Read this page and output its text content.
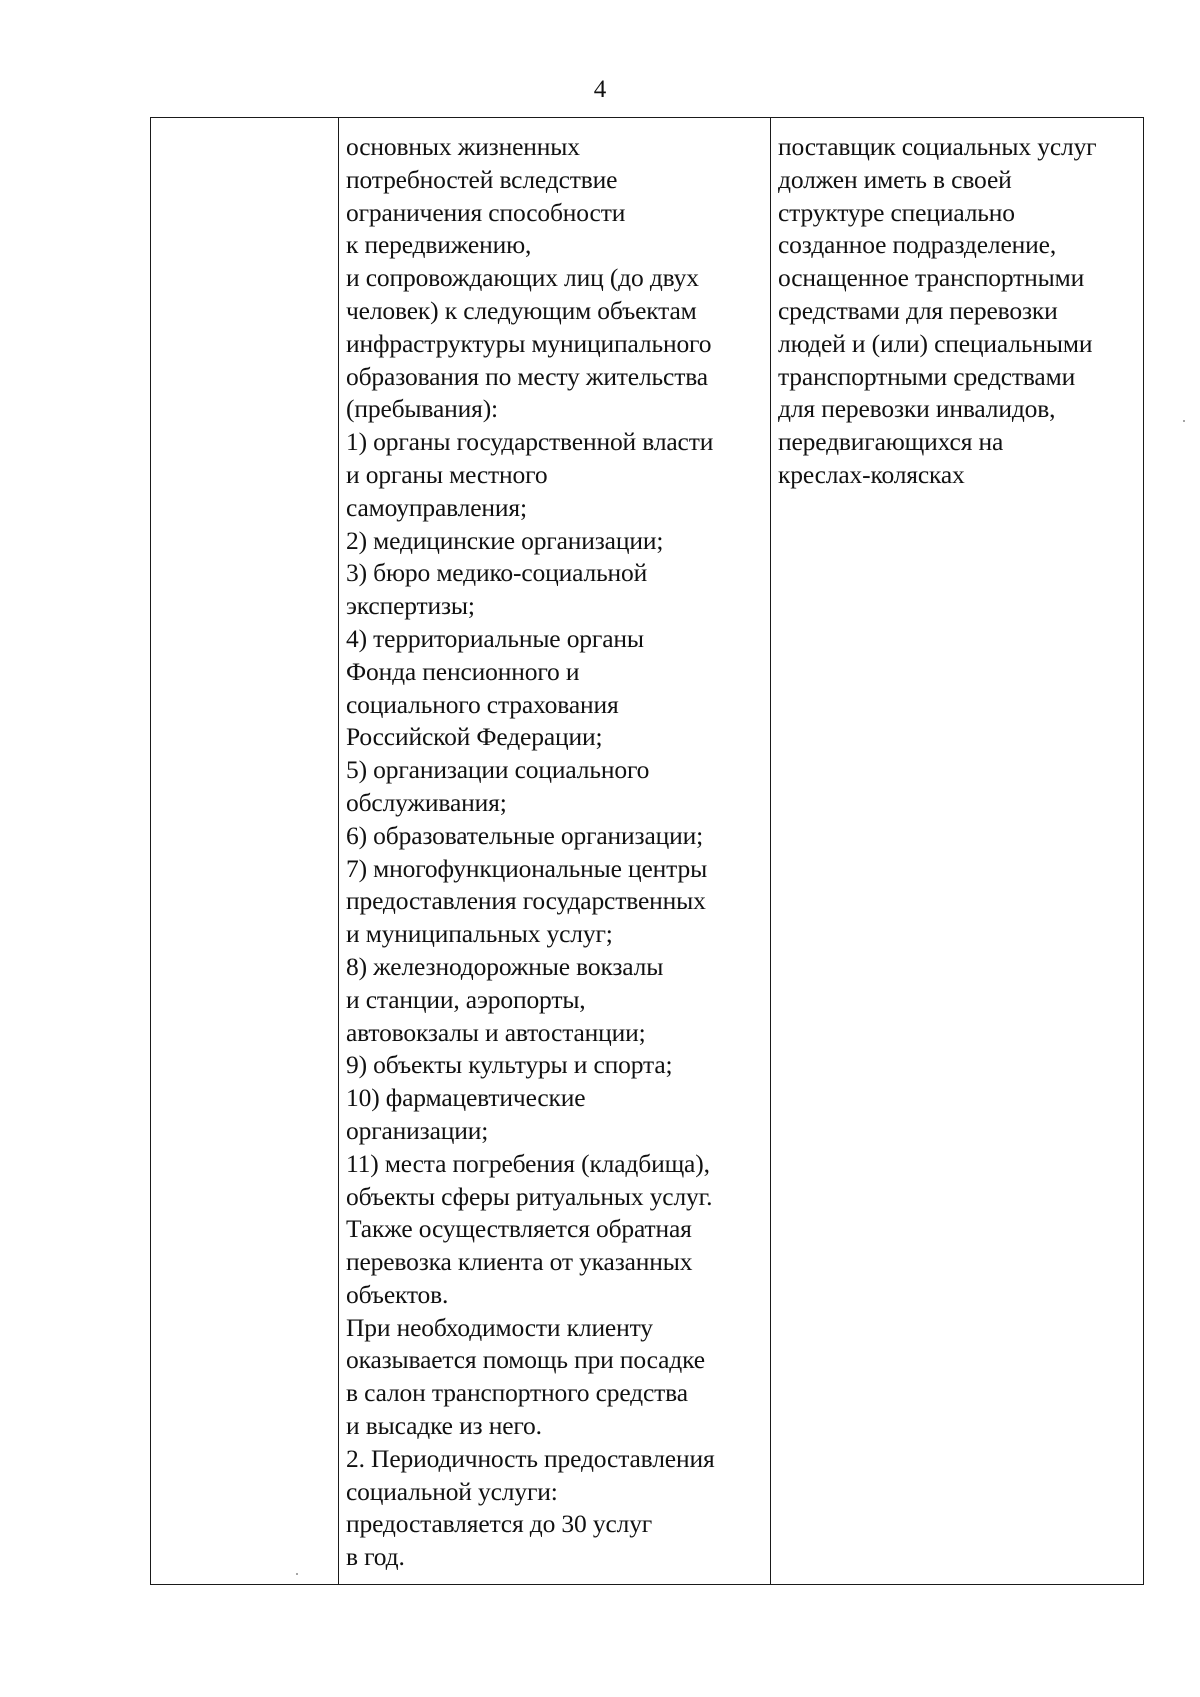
4
основных жизненных
потребностей вследствие
ограничения способности
к передвижению,
и сопровождающих лиц (до двух
человек) к следующим объектам
инфраструктуры муниципального
образования по месту жительства
(пребывания):
1) органы государственной власти
и органы местного
самоуправления;
2) медицинские организации;
3) бюро медико-социальной
экспертизы;
4) территориальные органы
Фонда пенсионного и
социального страхования
Российской Федерации;
5) организации социального
обслуживания;
6) образовательные организации;
7) многофункциональные центры
предоставления государственных
и муниципальных услуг;
8) железнодорожные вокзалы
и станции, аэропорты,
автовокзалы и автостанции;
9) объекты культуры и спорта;
10) фармацевтические
организации;
11) места погребения (кладбища),
объекты сферы ритуальных услуг.
Также осуществляется обратная
перевозка клиента от указанных
объектов.
При необходимости клиенту
оказывается помощь при посадке
в салон транспортного средства
и высадке из него.
2. Периодичность предоставления
социальной услуги:
предоставляется до 30 услуг
в год.
поставщик социальных услуг
должен иметь в своей
структуре специально
созданное подразделение,
оснащенное транспортными
средствами для перевозки
людей и (или) специальными
транспортными средствами
для перевозки инвалидов,
передвигающихся на
креслах-колясках
